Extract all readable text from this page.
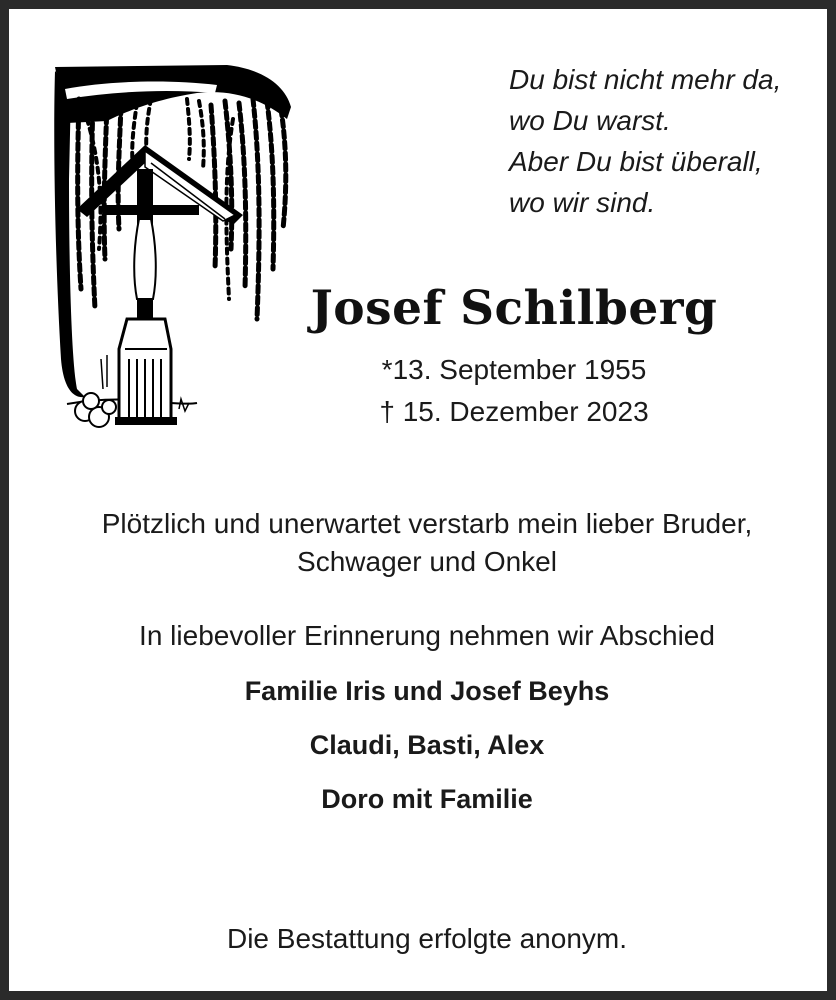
Du bist nicht mehr da,
wo Du warst.
Aber Du bist überall,
wo wir sind.
Josef Schilberg
*13. September 1955
† 15. Dezember 2023
Plötzlich und unerwartet verstarb mein lieber Bruder,
Schwager und Onkel
In liebevoller Erinnerung nehmen wir Abschied
Familie Iris und Josef Beyhs
Claudi, Basti, Alex
Doro mit Familie
Die Bestattung erfolgte anonym.
